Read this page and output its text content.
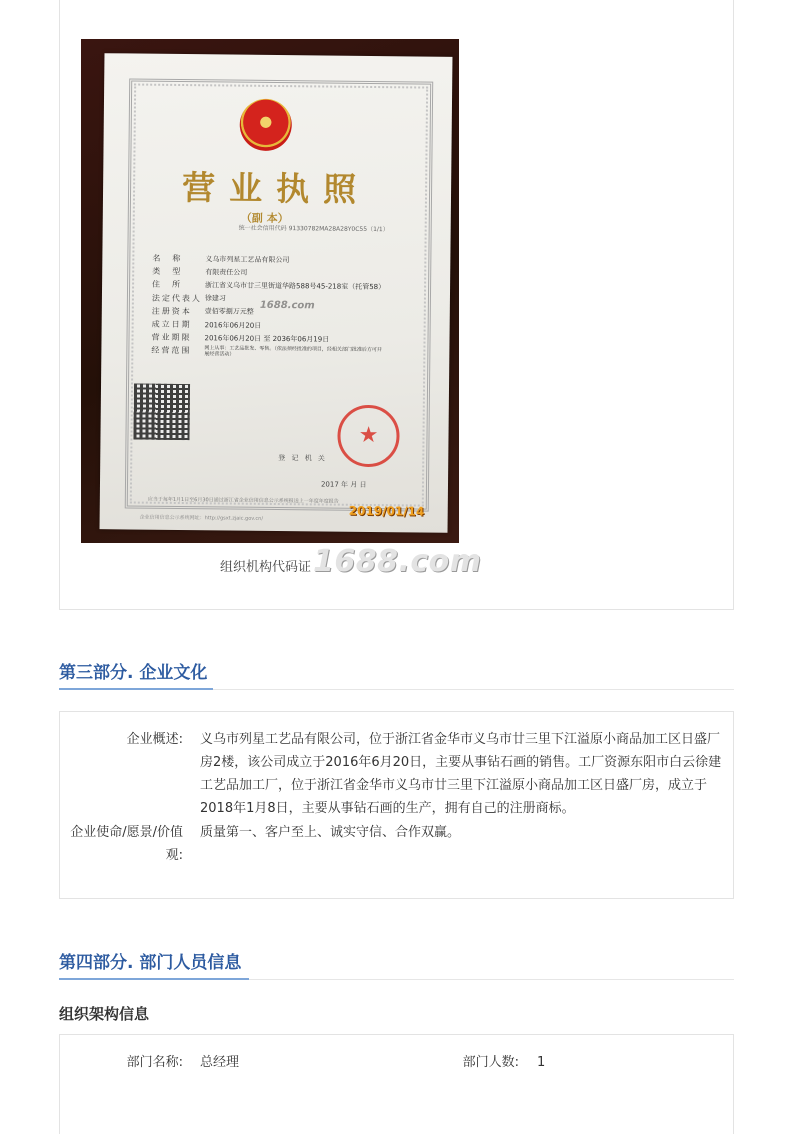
营业执照
（副 本）
统一社会信用代码 91330782MA28A28Y0C55（1/1）
名　称	义乌市列星工艺品有限公司
类　型	有限责任公司
住　所	浙江省义乌市廿三里街道华路588号45-218室（托管58）
法定代表人 徐建习
注册资本	壹佰零捌万元整
成立日期	2016年06月20日
营业期限	2016年06月20日 至 2036年06月19日
经营范围	网上从事：工艺品批发、零售。（依法须经批准的项目，经相关部门批准后方可开展经营活动）
1688.com
登 记 机 关
★
2017 年 月 日
应当于每年1月1日至6月30日通过浙江省企业信用信息公示系统报送上一年度年度报告
企业信用信息公示系统网址：http://gsxt.zjaic.gov.cn/	2019/01/14
组织机构代码证 1688.com
第三部分. 企业文化
企业概述: 义乌市列星工艺品有限公司，位于浙江省金华市义乌市廿三里下江溢原小商品加工区日盛厂房2楼，该公司成立于2016年6月20日，主要从事钻石画的销售。工厂资源东阳市白云徐建工艺品加工厂，位于浙江省金华市义乌市廿三里下江溢原小商品加工区日盛厂房，成立于2018年1月8日，主要从事钻石画的生产，拥有自己的注册商标。
企业使命/愿景/价值观:
质量第一、客户至上、诚实守信、合作双赢。
第四部分. 部门人员信息
组织架构信息
部门名称: 总经理	部门人数: 1
